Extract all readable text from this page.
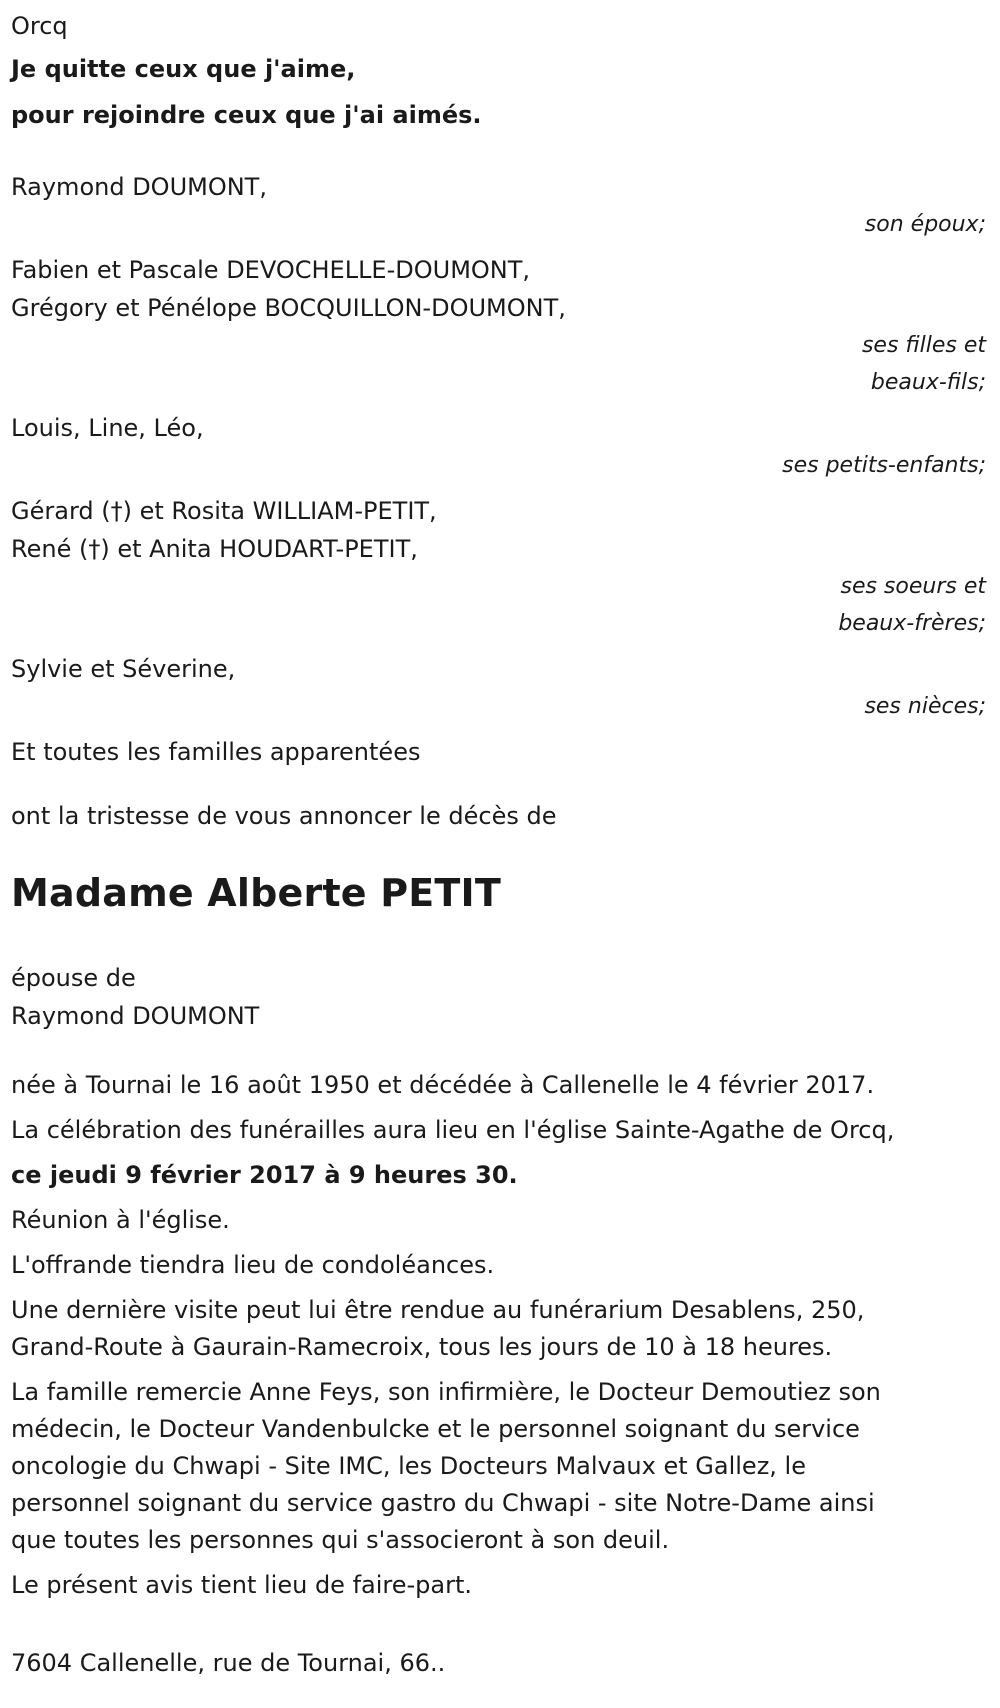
Orcq

Je quitte ceux que j'aime,

pour rejoindre ceux que j'ai aimés.

Raymond DOUMONT,

son époux;

Fabien et Pascale DEVOCHELLE-DOUMONT,

Grégory et Pénélope BOCQUILLON-DOUMONT,

ses filles et

beaux-fils;

Louis, Line, Léo,

ses petits-enfants;

Gérard (†) et Rosita WILLIAM-PETIT,

René (†) et Anita HOUDART-PETIT,

ses soeurs et

beaux-frères;

Sylvie et Séverine,

ses nièces;

Et toutes les familles apparentées

ont la tristesse de vous annoncer le décès de

Madame Alberte PETIT

épouse de

Raymond DOUMONT

née à Tournai le 16 août 1950 et décédée à Callenelle le 4 février 2017.

La célébration des funérailles aura lieu en l'église Sainte-Agathe de Orcq,

ce jeudi 9 février 2017 à 9 heures 30.

Réunion à l'église.

L'offrande tiendra lieu de condoléances.

Une dernière visite peut lui être rendue au funérarium Desablens, 250,
Grand-Route à Gaurain-Ramecroix, tous les jours de 10 à 18 heures.
La famille remercie Anne Feys, son infirmière, le Docteur Demoutiez son
médecin, le Docteur Vandenbulcke et le personnel soignant du service
oncologie du Chwapi - Site IMC, les Docteurs Malvaux et Gallez, le
personnel soignant du service gastro du Chwapi - site Notre-Dame ainsi
que toutes les personnes qui s'associeront à son deuil.

Le présent avis tient lieu de faire-part.

7604 Callenelle, rue de Tournai, 66..
